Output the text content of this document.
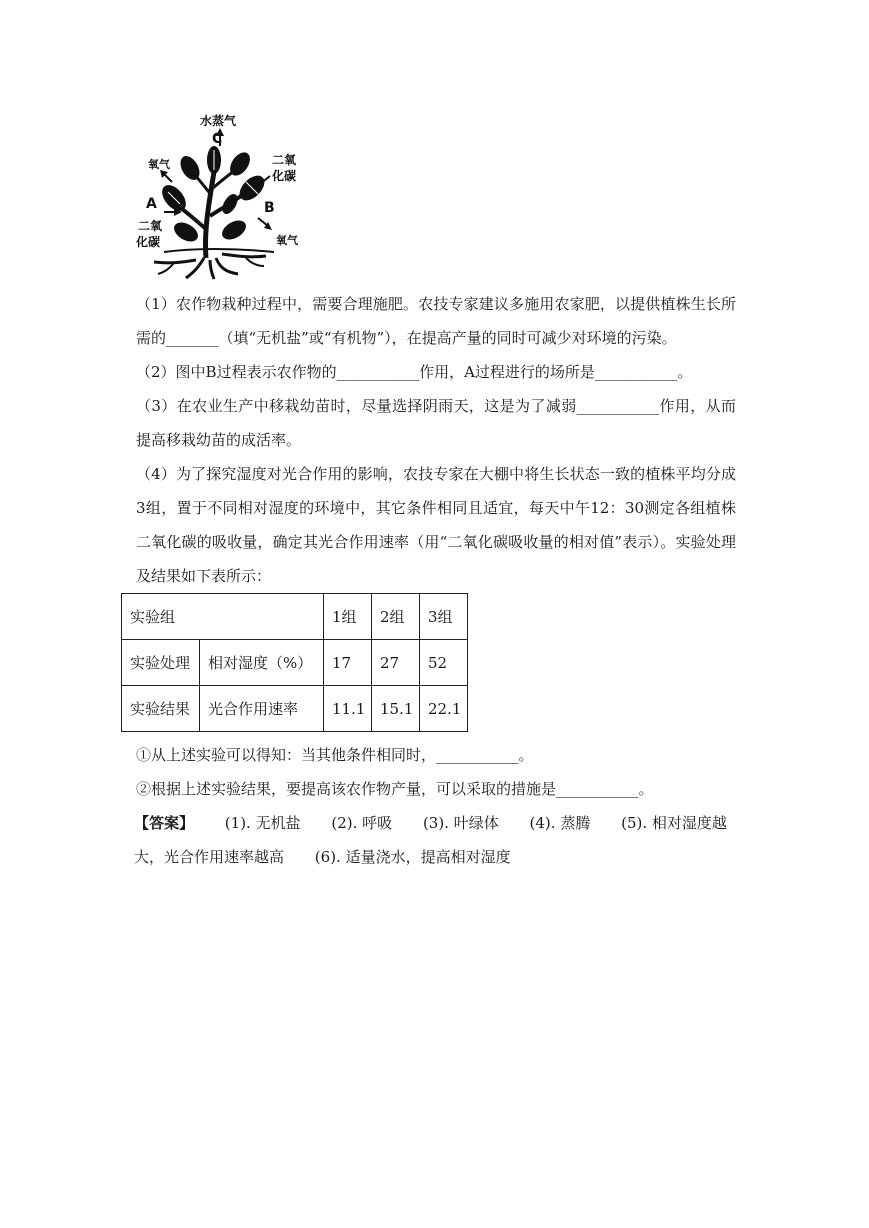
水蒸气
C
氧气
A
二氧
化碳
二氧
化碳
B
氧气

（1）农作物栽种过程中，需要合理施肥。农技专家建议多施用农家肥，以提供植株生长所需的_______（填“无机盐”或“有机物”），在提高产量的同时可减少对环境的污染。

（2）图中B过程表示农作物的___________作用，A过程进行的场所是___________。

（3）在农业生产中移栽幼苗时，尽量选择阴雨天，这是为了减弱___________作用，从而提高移栽幼苗的成活率。

（4）为了探究湿度对光合作用的影响，农技专家在大棚中将生长状态一致的植株平均分成3组，置于不同相对湿度的环境中，其它条件相同且适宜，每天中午12：30测定各组植株二氧化碳的吸收量，确定其光合作用速率（用“二氧化碳吸收量的相对值”表示）。实验处理及结果如下表所示：

实验组		1组	2组	3组
实验处理	相对湿度（%）	17	27	52
实验结果	光合作用速率	11.1	15.1	22.1
①从上述实验可以得知：当其他条件相同时，___________。
②根据上述实验结果，要提高该农作物产量，可以采取的措施是___________。
【答案】 (1). 无机盐 (2). 呼吸 (3). 叶绿体 (4). 蒸腾 (5). 相对湿度越大，光合作用速率越高 (6). 适量浇水，提高相对湿度
